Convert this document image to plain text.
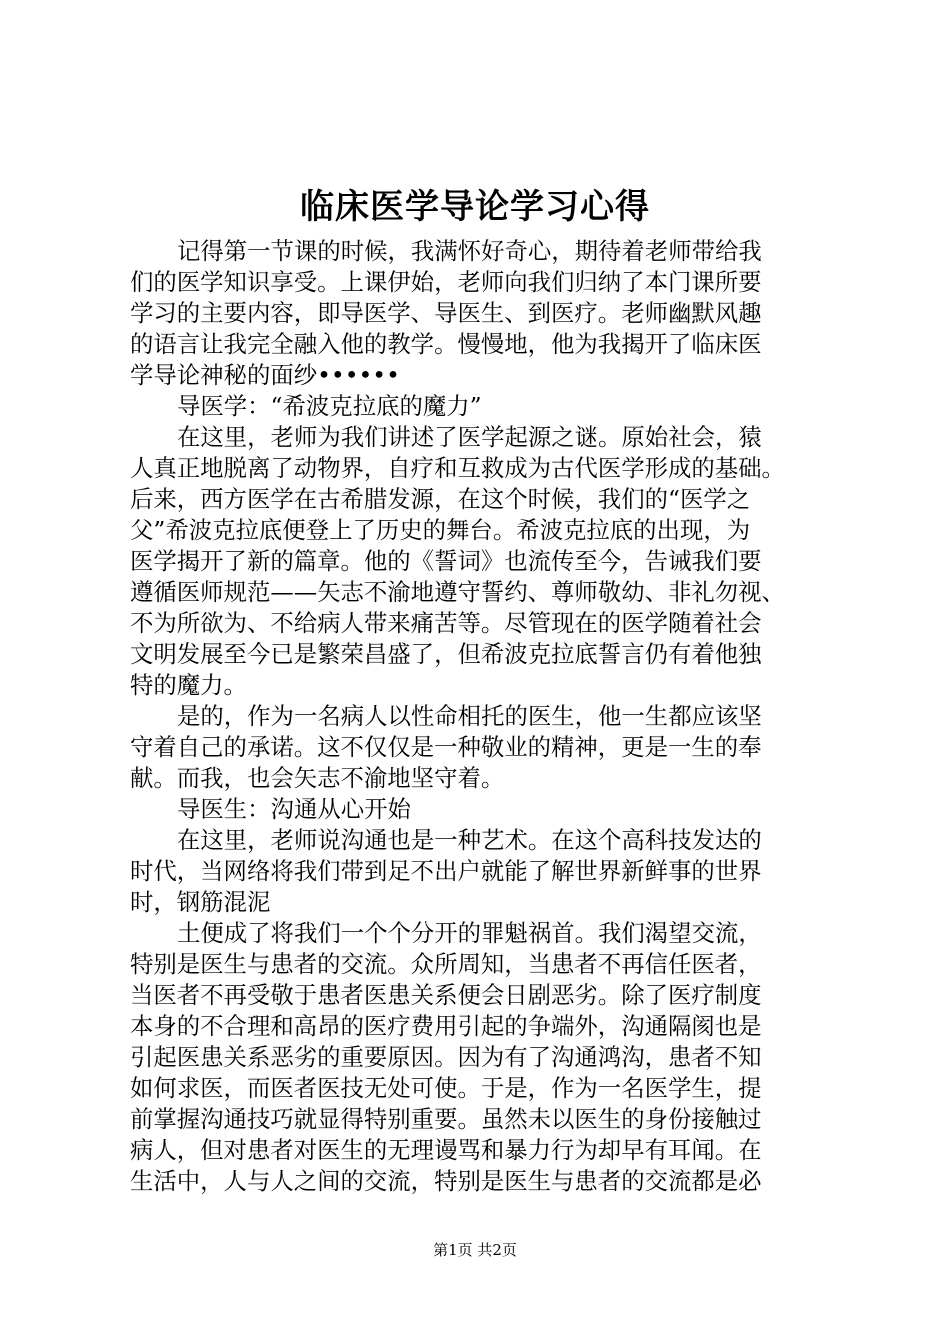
临床医学导论学习心得
记得第一节课的时候，我满怀好奇心，期待着老师带给我
们的医学知识享受。上课伊始，老师向我们归纳了本门课所要
学习的主要内容，即导医学、导医生、到医疗。老师幽默风趣
的语言让我完全融入他的教学。慢慢地，他为我揭开了临床医
学导论神秘的面纱••••••
导医学：“希波克拉底的魔力”
在这里，老师为我们讲述了医学起源之谜。原始社会，猿
人真正地脱离了动物界，自疗和互救成为古代医学形成的基础。
后来，西方医学在古希腊发源，在这个时候，我们的“医学之
父”希波克拉底便登上了历史的舞台。希波克拉底的出现，为
医学揭开了新的篇章。他的《誓词》也流传至今，告诫我们要
遵循医师规范——矢志不渝地遵守誓约、尊师敬幼、非礼勿视、
不为所欲为、不给病人带来痛苦等。尽管现在的医学随着社会
文明发展至今已是繁荣昌盛了，但希波克拉底誓言仍有着他独
特的魔力。
是的，作为一名病人以性命相托的医生，他一生都应该坚
守着自己的承诺。这不仅仅是一种敬业的精神，更是一生的奉
献。而我，也会矢志不渝地坚守着。
导医生：沟通从心开始
在这里，老师说沟通也是一种艺术。在这个高科技发达的
时代，当网络将我们带到足不出户就能了解世界新鲜事的世界
时，钢筋混泥
土便成了将我们一个个分开的罪魁祸首。我们渴望交流，
特别是医生与患者的交流。众所周知，当患者不再信任医者，
当医者不再受敬于患者医患关系便会日剧恶劣。除了医疗制度
本身的不合理和高昂的医疗费用引起的争端外，沟通隔阂也是
引起医患关系恶劣的重要原因。因为有了沟通鸿沟，患者不知
如何求医，而医者医技无处可使。于是，作为一名医学生，提
前掌握沟通技巧就显得特别重要。虽然未以医生的身份接触过
病人，但对患者对医生的无理谩骂和暴力行为却早有耳闻。在
生活中，人与人之间的交流，特别是医生与患者的交流都是必
第1页 共2页
